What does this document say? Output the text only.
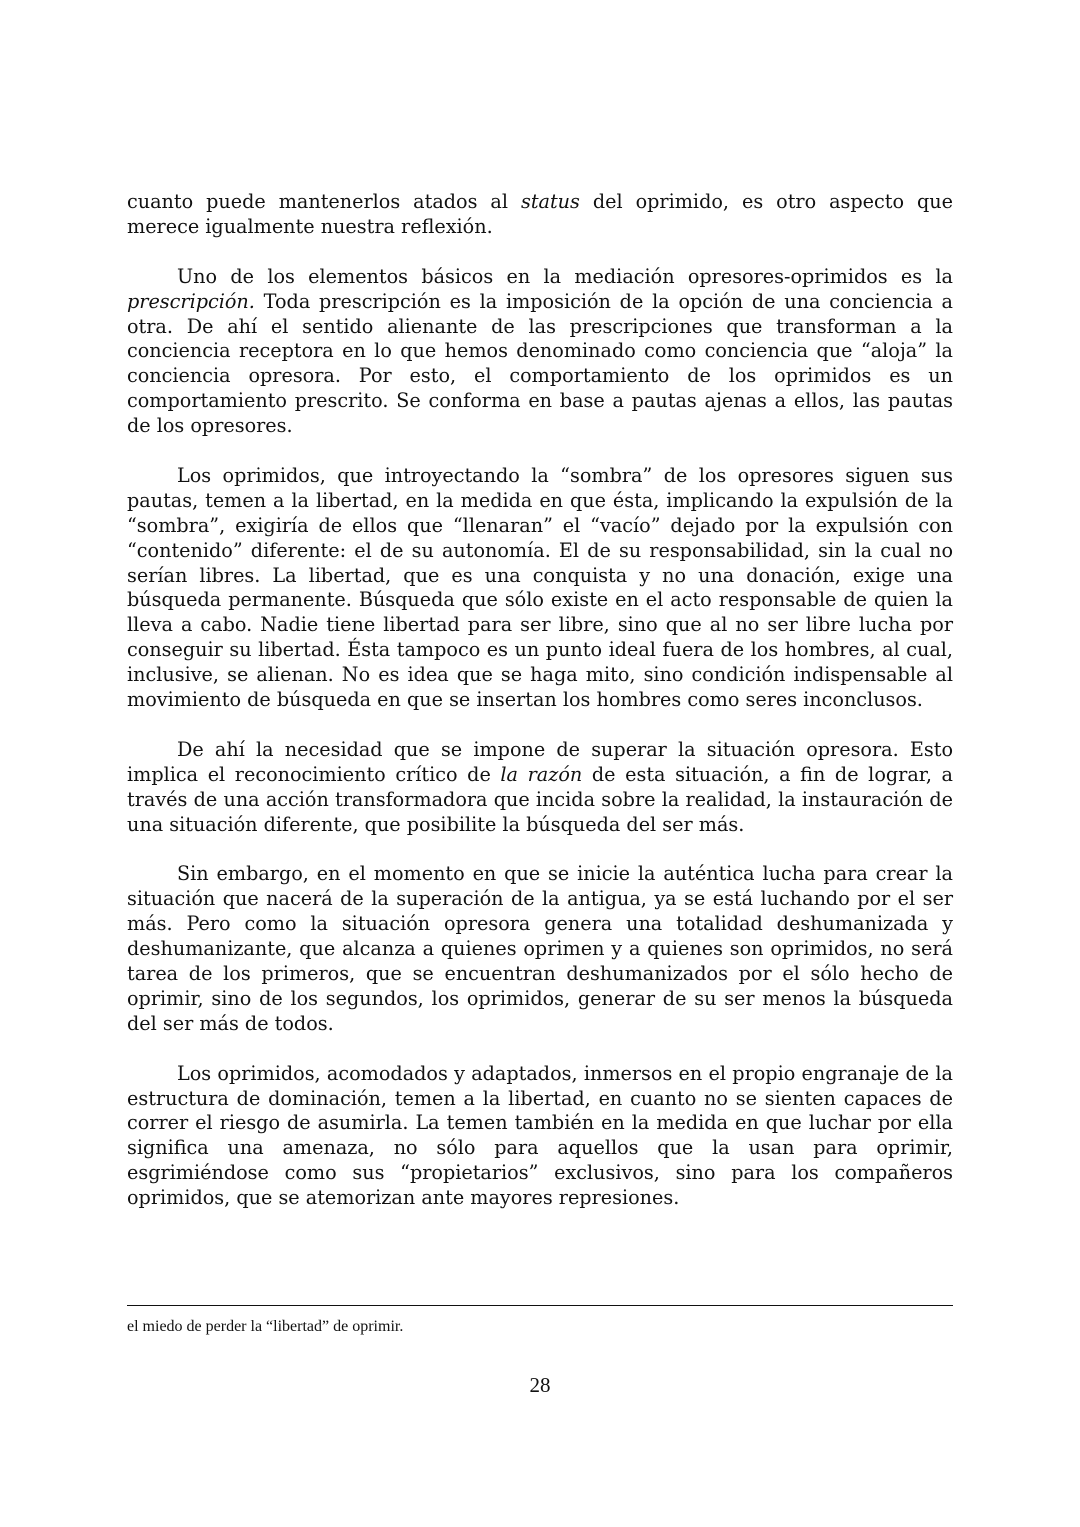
cuanto puede mantenerlos atados al status del oprimido, es otro aspecto que merece igualmente nuestra reflexión.

Uno de los elementos básicos en la mediación opresores-oprimidos es la prescripción. Toda prescripción es la imposición de la opción de una conciencia a otra. De ahí el sentido alienante de las prescripciones que transforman a la conciencia receptora en lo que hemos denominado como conciencia que “aloja” la conciencia opresora. Por esto, el comportamiento de los oprimidos es un comportamiento prescrito. Se conforma en base a pautas ajenas a ellos, las pautas de los opresores.

Los oprimidos, que introyectando la “sombra” de los opresores siguen sus pautas, temen a la libertad, en la medida en que ésta, implicando la expulsión de la “sombra”, exigiría de ellos que “llenaran” el “vacío” dejado por la expulsión con “contenido” diferente: el de su autonomía. El de su responsabilidad, sin la cual no serían libres. La libertad, que es una conquista y no una donación, exige una búsqueda permanente. Búsqueda que sólo existe en el acto responsable de quien la lleva a cabo. Nadie tiene libertad para ser libre, sino que al no ser libre lucha por conseguir su libertad. Ésta tampoco es un punto ideal fuera de los hombres, al cual, inclusive, se alienan. No es idea que se haga mito, sino condición indispensable al movimiento de búsqueda en que se insertan los hombres como seres inconclusos.

De ahí la necesidad que se impone de superar la situación opresora. Esto implica el reconocimiento crítico de la razón de esta situación, a fin de lograr, a través de una acción transformadora que incida sobre la realidad, la instauración de una situación diferente, que posibilite la búsqueda del ser más.

Sin embargo, en el momento en que se inicie la auténtica lucha para crear la situación que nacerá de la superación de la antigua, ya se está luchando por el ser más. Pero como la situación opresora genera una totalidad deshumanizada y deshumanizante, que alcanza a quienes oprimen y a quienes son oprimidos, no será tarea de los primeros, que se encuentran deshumanizados por el sólo hecho de oprimir, sino de los segundos, los oprimidos, generar de su ser menos la búsqueda del ser más de todos.

Los oprimidos, acomodados y adaptados, inmersos en el propio engranaje de la estructura de dominación, temen a la libertad, en cuanto no se sienten capaces de correr el riesgo de asumirla. La temen también en la medida en que luchar por ella significa una amenaza, no sólo para aquellos que la usan para oprimir, esgrimiéndose como sus “propietarios” exclusivos, sino para los compañeros oprimidos, que se atemorizan ante mayores represiones.

el miedo de perder la “libertad” de oprimir.
28
